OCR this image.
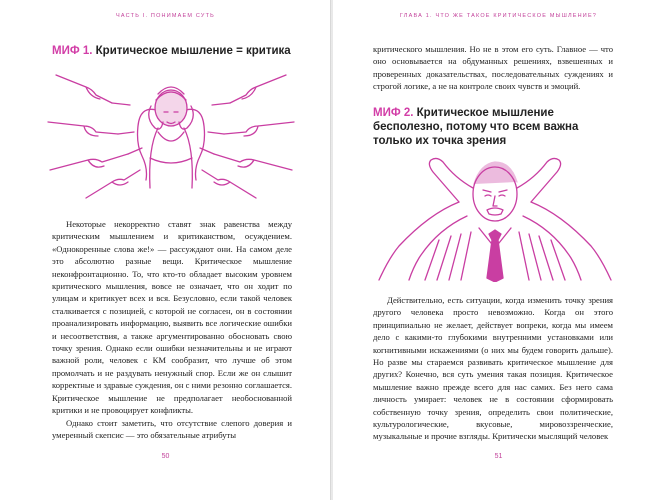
ЧАСТЬ I. ПОНИМАЕМ СУТЬ
МИФ 1. Критическое мышление = критика

Некоторые некорректно ставят знак равенства между критическим мышлением и критиканством, осуждением. «Однокоренные слова же!» — рассуждают они. На самом деле это абсолютно разные вещи. Критическое мышление неконфронтационно. То, что кто-то обладает высоким уровнем критического мышления, вовсе не означает, что он ходит по улицам и критикует всех и вся. Безусловно, если такой человек сталкивается с позицией, с которой не согласен, он в состоянии проанализировать информацию, выявить все логические ошибки и несоответствия, а также аргументированно обосновать свою точку зрения. Однако если ошибки незначительны и не играют важной роли, человек с КМ сообразит, что лучше об этом промолчать и не раздувать ненужный спор. Если же он слышит корректные и здравые суждения, он с ними резонно соглашается. Критическое мышление не предполагает необоснованной критики и не провоцирует конфликты.

Однако стоит заметить, что отсутствие слепого доверия и умеренный скепсис — это обязательные атрибуты

50
ГЛАВА 1. ЧТО ЖЕ ТАКОЕ КРИТИЧЕСКОЕ МЫШЛЕНИЕ?

критического мышления. Но не в этом его суть. Главное — что оно основывается на обдуманных решениях, взвешенных и проверенных доказательствах, последовательных суждениях и строгой логике, а не на контроле своих чувств и эмоций.

МИФ 2. Критическое мышление бесполезно, потому что всем важна только их точка зрения

Действительно, есть ситуации, когда изменить точку зрения другого человека просто невозможно. Когда он этого принципиально не желает, действует вопреки, когда мы имеем дело с какими-то глубокими внутренними установками или когнитивными искажениями (о них мы будем говорить дальше). Но разве мы стараемся развивать критическое мышление для других? Конечно, вся суть умения такая позиция. Критическое мышление важно прежде всего для нас самих. Без него сама личность умирает: человек не в состоянии сформировать собственную точку зрения, определить свои политические, культурологические, вкусовые, мировоззренческие, музыкальные и прочие взгляды. Критически мыслящий человек

51
